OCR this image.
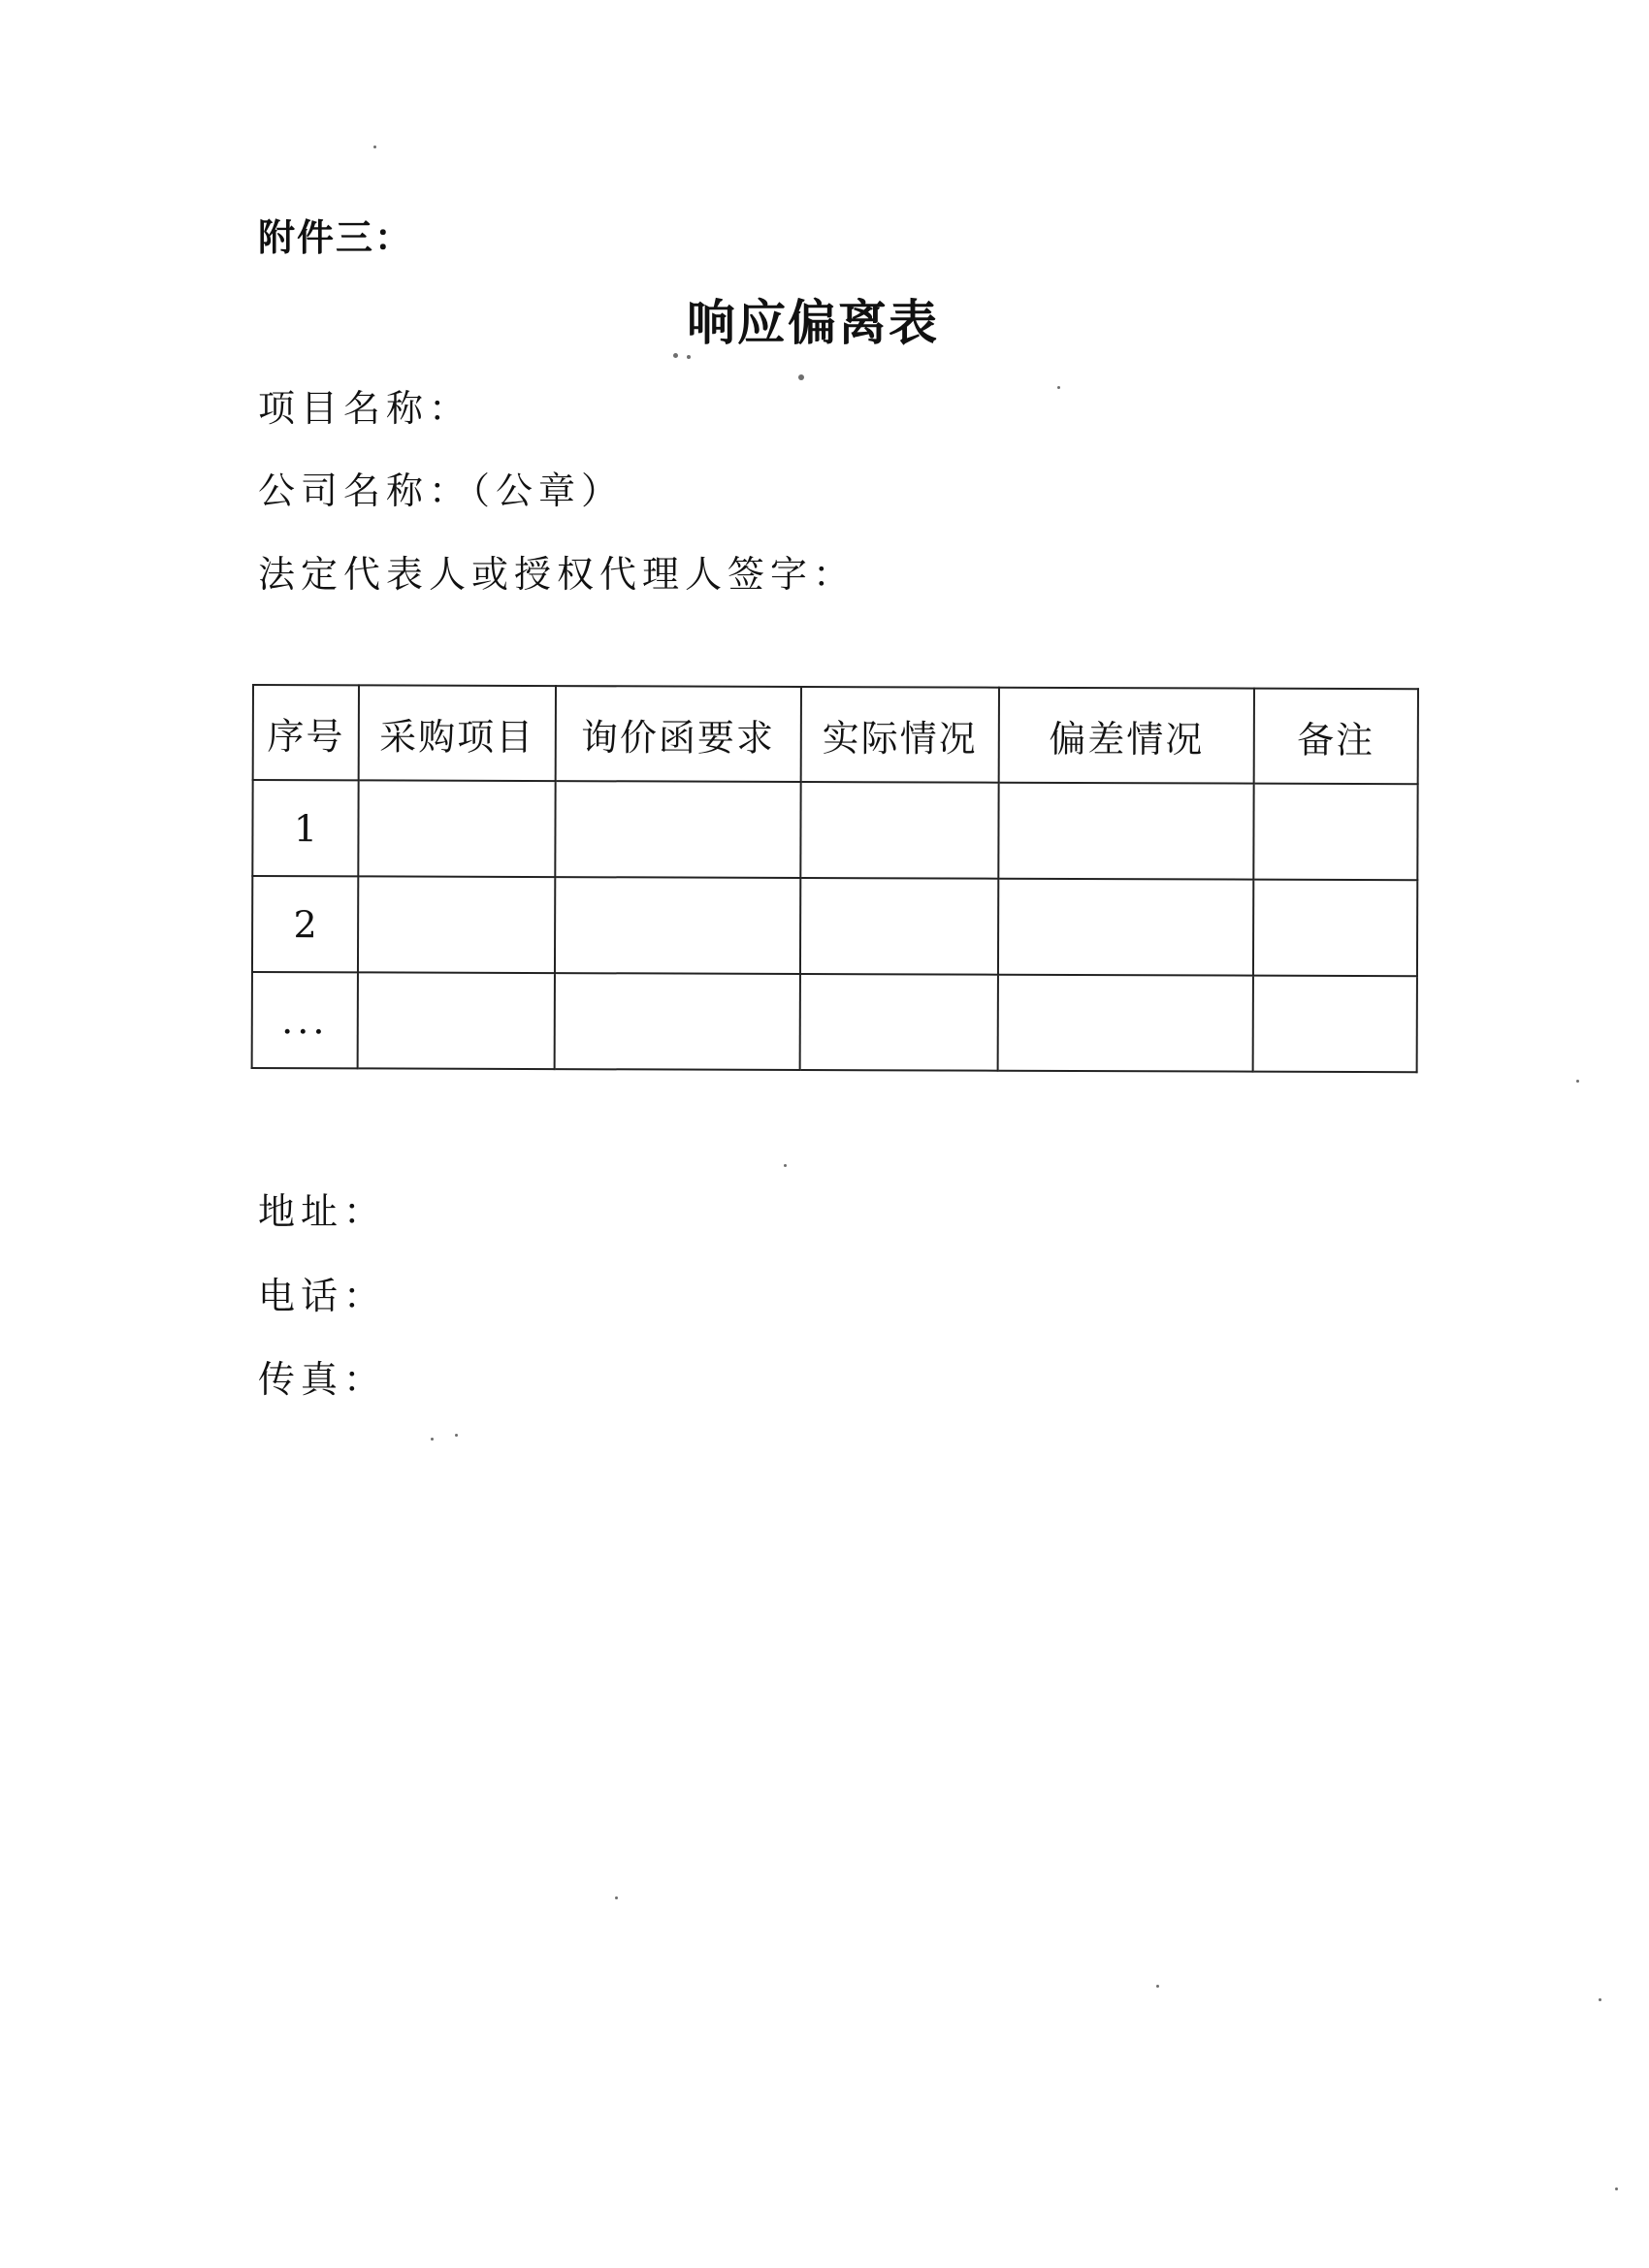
附件三：
响应偏离表
项目名称：
公司名称：（公章）
法定代表人或授权代理人签字：
序号	采购项目	询价函要求	实际情况	偏差情况	备注
1					
2					
...					
地址：
电话：
传真：
